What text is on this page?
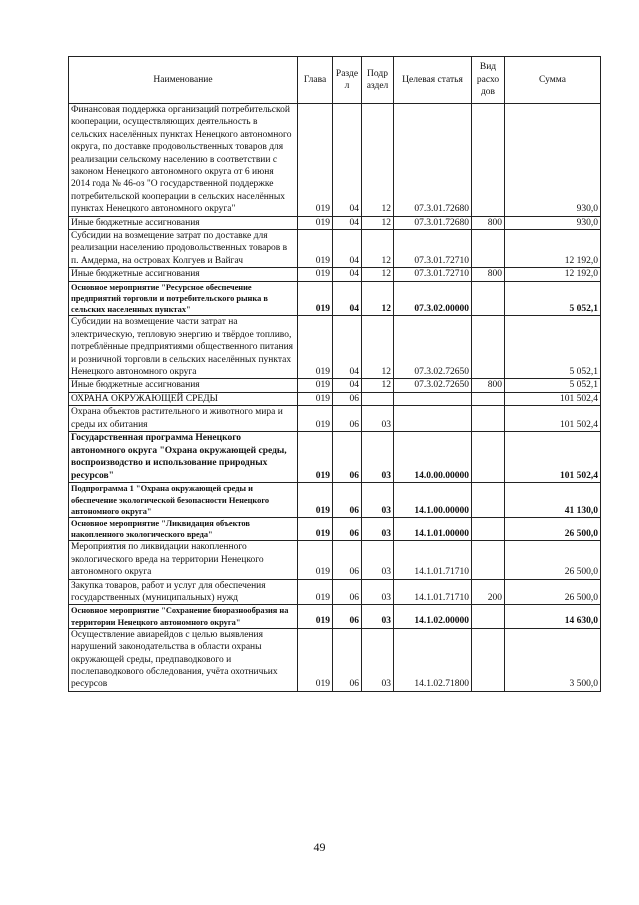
Наименование	Глава	Разде л	Подр аздел	Целевая статья	Вид расхо дов	Сумма
Финансовая поддержка организаций потребительской кооперации, осуществляющих деятельность в сельских населённых пунктах Ненецкого автономного округа, по доставке продовольственных товаров для реализации сельскому населению в соответствии с законом Ненецкого автономного округа от 6 июня 2014 года № 46-оз "О государственной поддержке потребительской кооперации в сельских населённых пунктах Ненецкого автономного округа"	019	04	12	07.3.01.72680		930,0
Иные бюджетные ассигнования	019	04	12	07.3.01.72680	800	930,0
Субсидии на возмещение затрат по доставке для реализации населению продовольственных товаров в п. Амдерма, на островах Колгуев и Вайгач	019	04	12	07.3.01.72710		12 192,0
Иные бюджетные ассигнования	019	04	12	07.3.01.72710	800	12 192,0
Основное мероприятие "Ресурсное обеспечение предприятий торговли и потребительского рынка в сельских населенных пунктах"	019	04	12	07.3.02.00000		5 052,1
Субсидии на возмещение части затрат на электрическую, тепловую энергию и твёрдое топливо, потреблённые предприятиями общественного питания и розничной торговли в сельских населённых пунктах Ненецкого автономного округа	019	04	12	07.3.02.72650		5 052,1
Иные бюджетные ассигнования	019	04	12	07.3.02.72650	800	5 052,1
ОХРАНА ОКРУЖАЮЩЕЙ СРЕДЫ	019	06				101 502,4
Охрана объектов растительного и животного мира и среды их обитания	019	06	03			101 502,4
Государственная программа Ненецкого автономного округа "Охрана окружающей среды, воспроизводство и использование природных ресурсов"	019	06	03	14.0.00.00000		101 502,4
Подпрограмма 1 "Охрана окружающей среды и обеспечение экологической безопасности Ненецкого автономного округа"	019	06	03	14.1.00.00000		41 130,0
Основное мероприятие "Ликвидация объектов накопленного экологического вреда"	019	06	03	14.1.01.00000		26 500,0
Мероприятия по ликвидации накопленного экологического вреда на территории Ненецкого автономного округа	019	06	03	14.1.01.71710		26 500,0
Закупка товаров, работ и услуг для обеспечения государственных (муниципальных) нужд	019	06	03	14.1.01.71710	200	26 500,0
Основное мероприятие "Сохранение биоразнообразия на территории Ненецкого автономного округа"	019	06	03	14.1.02.00000		14 630,0
Осуществление авиарейдов с целью выявления нарушений законодательства в области охраны окружающей среды, предпаводкового и послепаводкового обследования, учёта охотничьих ресурсов	019	06	03	14.1.02.71800		3 500,0
49
